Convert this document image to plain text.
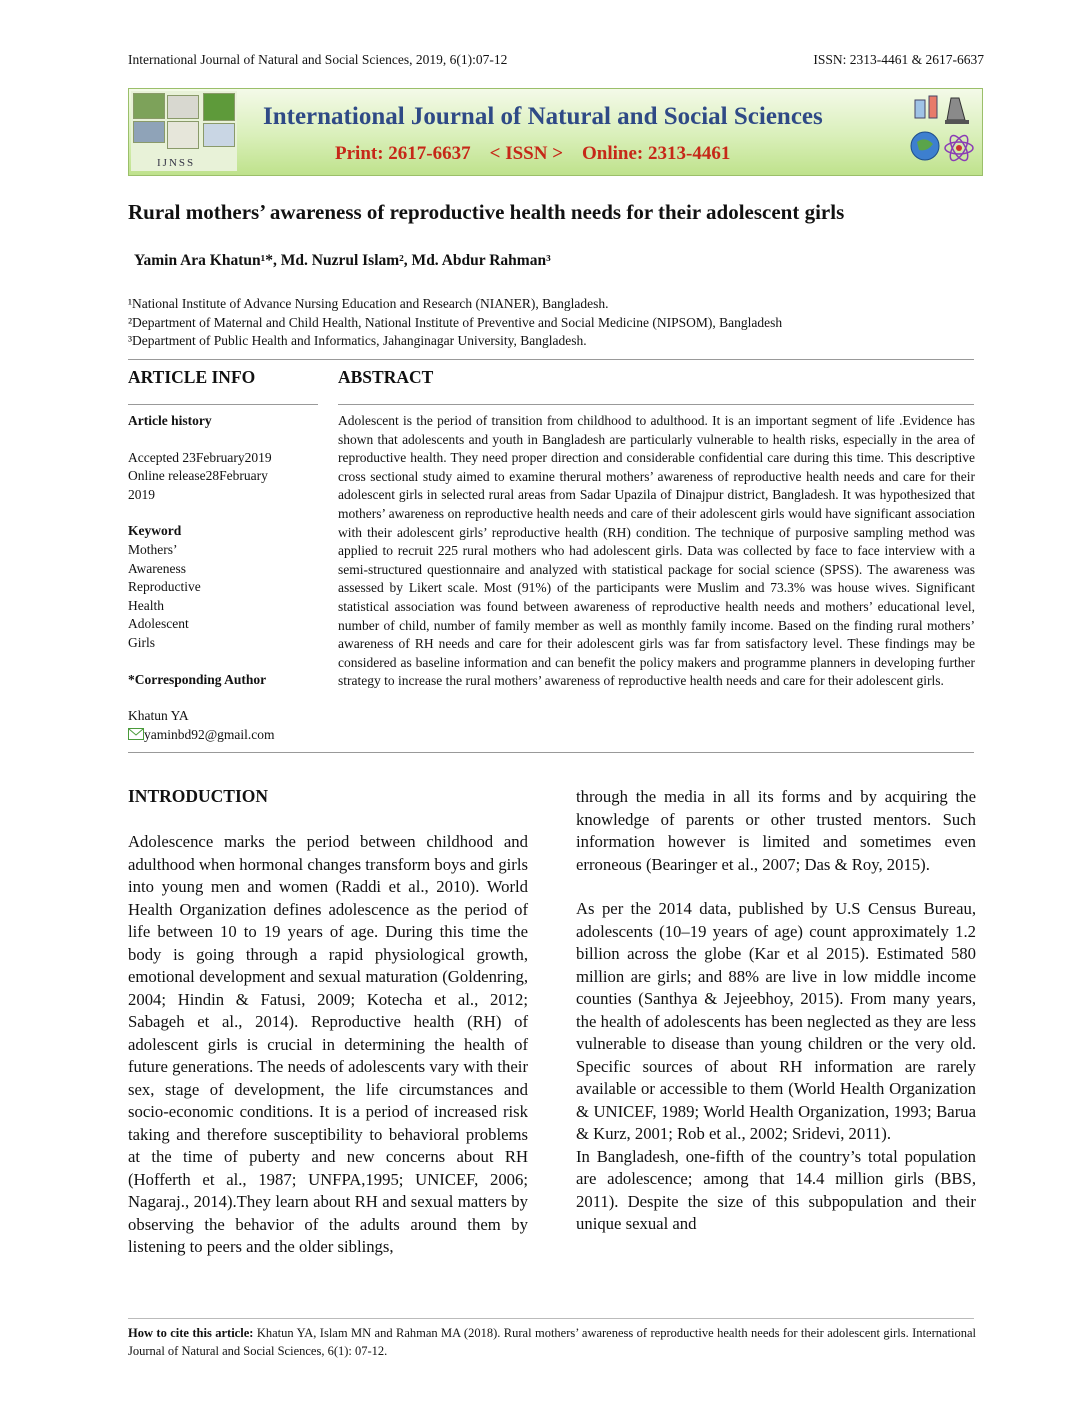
International Journal of Natural and Social Sciences, 2019, 6(1):07-12	ISSN: 2313-4461 & 2617-6637
IJNSS
International Journal of Natural and Social Sciences
Print: 2617-6637    < ISSN >    Online: 2313-4461
Rural mothers’ awareness of reproductive health needs for their adolescent girls
Yamin Ara Khatun¹*, Md. Nuzrul Islam², Md. Abdur Rahman³
¹National Institute of Advance Nursing Education and Research (NIANER), Bangladesh.
²Department of Maternal and Child Health, National Institute of Preventive and Social Medicine (NIPSOM), Bangladesh
³Department of Public Health and Informatics, Jahanginagar University, Bangladesh.
ARTICLE INFO	ABSTRACT
Article history
Accepted 23February2019
Online release28February 2019
Keyword
Mothers’
Awareness
Reproductive
Health
Adolescent
Girls
*Corresponding Author
Khatun YA
yaminbd92@gmail.com
Adolescent is the period of transition from childhood to adulthood. It is an important segment of life .Evidence has shown that adolescents and youth in Bangladesh are particularly vulnerable to health risks, especially in the area of reproductive health. They need proper direction and considerable confidential care during this time. This descriptive cross sectional study aimed to examine therural mothers’ awareness of reproductive health needs and care for their adolescent girls in selected rural areas from Sadar Upazila of Dinajpur district, Bangladesh. It was hypothesized that mothers’ awareness on reproductive health needs and care of their adolescent girls would have significant association with their adolescent girls’ reproductive health (RH) condition. The technique of purposive sampling method was applied to recruit 225 rural mothers who had adolescent girls. Data was collected by face to face interview with a semi-structured questionnaire and analyzed with statistical package for social science (SPSS). The awareness was assessed by Likert scale. Most (91%) of the participants were Muslim and 73.3% was house wives. Significant statistical association was found between awareness of reproductive health needs and mothers’ educational level, number of child, number of family member as well as monthly family income. Based on the finding rural mothers’ awareness of RH needs and care for their adolescent girls was far from satisfactory level. These findings may be considered as baseline information and can benefit the policy makers and programme planners in developing further strategy to increase the rural mothers’ awareness of reproductive health needs and care for their adolescent girls.
INTRODUCTION

Adolescence marks the period between childhood and adulthood when hormonal changes transform boys and girls into young men and women (Raddi et al., 2010). World Health Organization defines adolescence as the period of life between 10 to 19 years of age. During this time the body is going through a rapid physiological growth, emotional development and sexual maturation (Goldenring, 2004; Hindin & Fatusi, 2009; Kotecha et al., 2012; Sabageh et al., 2014). Reproductive health (RH) of adolescent girls is crucial in determining the health of future generations. The needs of adolescents vary with their sex, stage of development, the life circumstances and socio-economic conditions. It is a period of increased risk taking and therefore susceptibility to behavioral problems at the time of puberty and new concerns about RH (Hofferth et al., 1987; UNFPA,1995; UNICEF, 2006; Nagaraj., 2014).They learn about RH and sexual matters by observing the behavior of the adults around them by listening to peers and the older siblings,

through the media in all its forms and by acquiring the knowledge of parents or other trusted mentors. Such information however is limited and sometimes even erroneous (Bearinger et al., 2007; Das & Roy, 2015).

As per the 2014 data, published by U.S Census Bureau, adolescents (10–19 years of age) count approximately 1.2 billion across the globe (Kar et al 2015). Estimated 580 million are girls; and 88% are live in low middle income counties (Santhya & Jejeebhoy, 2015). From many years, the health of adolescents has been neglected as they are less vulnerable to disease than young children or the very old. Specific sources of about RH information are rarely available or accessible to them (World Health Organization & UNICEF, 1989; World Health Organization, 1993; Barua & Kurz, 2001; Rob et al., 2002; Sridevi, 2011).

In Bangladesh, one-fifth of the country’s total population are adolescence; among that 14.4 million girls (BBS, 2011). Despite the size of this subpopulation and their unique sexual and

How to cite this article: Khatun YA, Islam MN and Rahman MA (2018). Rural mothers’ awareness of reproductive health needs for their adolescent girls. International Journal of Natural and Social Sciences, 6(1): 07-12.
